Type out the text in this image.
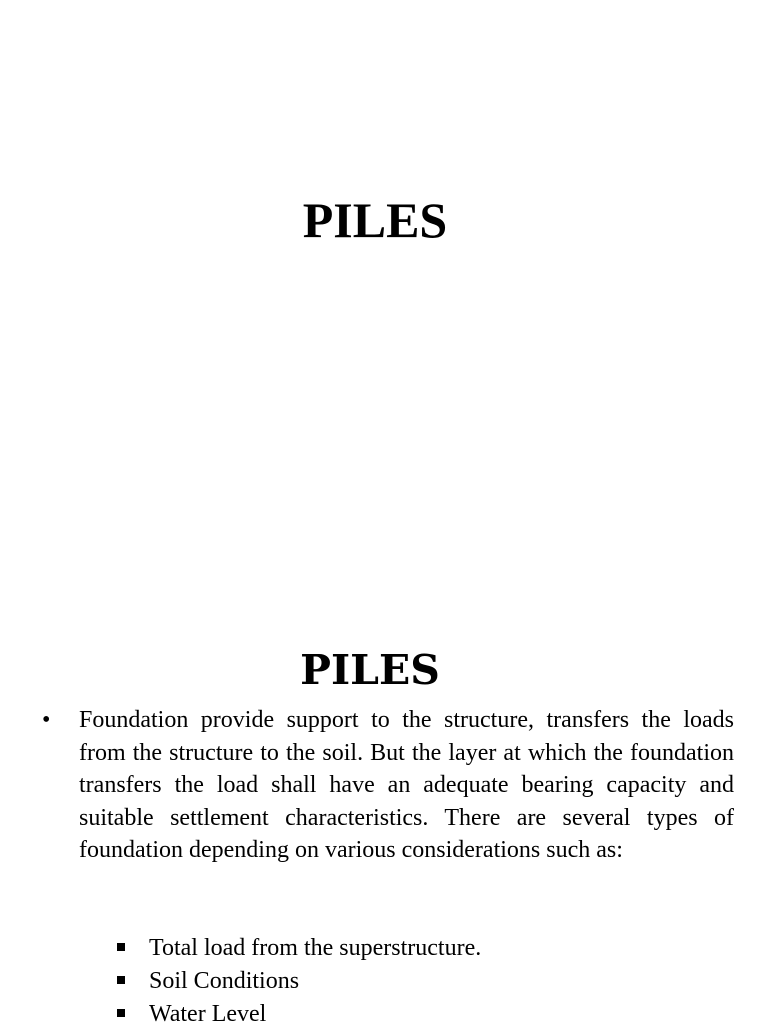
PILES
PILES
• Foundation provide support to the structure, transfers the loads from the structure to the soil. But the layer at which the foundation transfers the load shall have an adequate bearing capacity and suitable settlement characteristics. There are several types of foundation depending on various considerations such as:

Total load from the superstructure.
Soil Conditions
Water Level
